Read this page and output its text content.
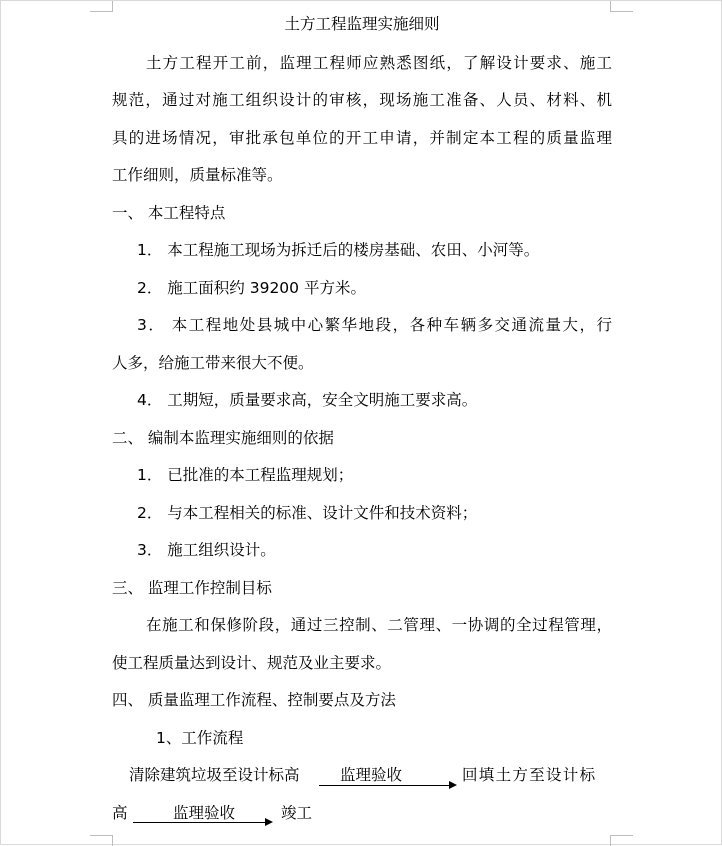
土方工程监理实施细则
土方工程开工前，监理工程师应熟悉图纸，了解设计要求、施工
规范，通过对施工组织设计的审核，现场施工准备、人员、材料、机
具的进场情况，审批承包单位的开工申请，并制定本工程的质量监理
工作细则，质量标准等。
一、 本工程特点
1． 本工程施工现场为拆迁后的楼房基础、农田、小河等。
2． 施工面积约 39200 平方米。
3． 本工程地处县城中心繁华地段，各种车辆多交通流量大，行
人多，给施工带来很大不便。
4． 工期短，质量要求高，安全文明施工要求高。
二、 编制本监理实施细则的依据
1． 已批准的本工程监理规划；
2． 与本工程相关的标准、设计文件和技术资料；
3． 施工组织设计。
三、 监理工作控制目标
在施工和保修阶段，通过三控制、二管理、一协调的全过程管理，
使工程质量达到设计、规范及业主要求。
四、 质量监理工作流程、控制要点及方法
1、工作流程
清除建筑垃圾至设计标高	监理验收	回填土方至设计标
高	监理验收	竣工
